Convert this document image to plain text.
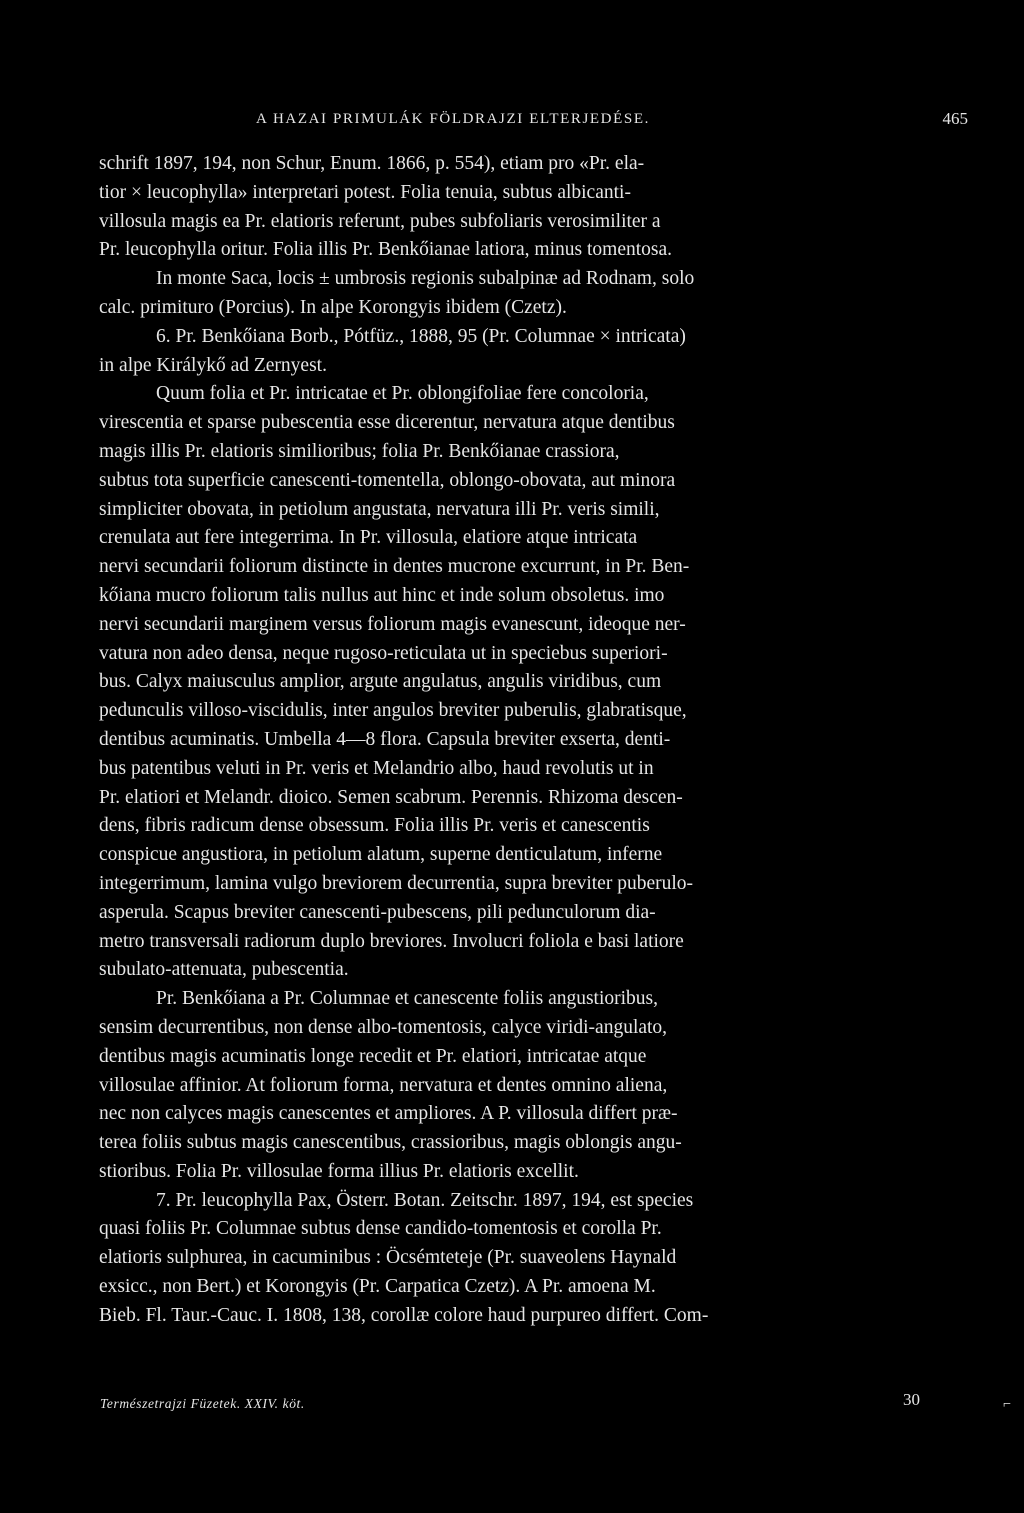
A HAZAI PRIMULÁK FÖLDRAJZI ELTERJEDÉSE.	465
schrift 1897, 194, non Schur, Enum. 1866, p. 554), etiam pro «Pr. ela-
tior × leucophylla» interpretari potest. Folia tenuia, subtus albicanti-
villosula magis ea Pr. elatioris referunt, pubes subfoliaris verosimiliter a
Pr. leucophylla oritur. Folia illis Pr. Benkőianae latiora, minus tomentosa.
In monte Saca, locis ± umbrosis regionis subalpinæ ad Rodnam, solo
calc. primituro (Porcius). In alpe Korongyis ibidem (Czetz).
6. Pr. Benkőiana Borb., Pótfüz., 1888, 95 (Pr. Columnae × intricata)
in alpe Királykő ad Zernyest.
Quum folia et Pr. intricatae et Pr. oblongifoliae fere concoloria,
virescentia et sparse pubescentia esse dicerentur, nervatura atque dentibus
magis illis Pr. elatioris similioribus; folia Pr. Benkőianae crassiora,
subtus tota superficie canescenti-tomentella, oblongo-obovata, aut minora
simpliciter obovata, in petiolum angustata, nervatura illi Pr. veris simili,
crenulata aut fere integerrima. In Pr. villosula, elatiore atque intricata
nervi secundarii foliorum distincte in dentes mucrone excurrunt, in Pr. Ben-
kőiana mucro foliorum talis nullus aut hinc et inde solum obsoletus. imo
nervi secundarii marginem versus foliorum magis evanescunt, ideoque ner-
vatura non adeo densa, neque rugoso-reticulata ut in speciebus superiori-
bus. Calyx maiusculus amplior, argute angulatus, angulis viridibus, cum
pedunculis villoso-viscidulis, inter angulos breviter puberulis, glabratisque,
dentibus acuminatis. Umbella 4—8 flora. Capsula breviter exserta, denti-
bus patentibus veluti in Pr. veris et Melandrio albo, haud revolutis ut in
Pr. elatiori et Melandr. dioico. Semen scabrum. Perennis. Rhizoma descen-
dens, fibris radicum dense obsessum. Folia illis Pr. veris et canescentis
conspicue angustiora, in petiolum alatum, superne denticulatum, inferne
integerrimum, lamina vulgo breviorem decurrentia, supra breviter puberulo-
asperula. Scapus breviter canescenti-pubescens, pili pedunculorum dia-
metro transversali radiorum duplo breviores. Involucri foliola e basi latiore
subulato-attenuata, pubescentia.
Pr. Benkőiana a Pr. Columnae et canescente foliis angustioribus,
sensim decurrentibus, non dense albo-tomentosis, calyce viridi-angulato,
dentibus magis acuminatis longe recedit et Pr. elatiori, intricatae atque
villosulae affinior. At foliorum forma, nervatura et dentes omnino aliena,
nec non calyces magis canescentes et ampliores. A P. villosula differt præ-
terea foliis subtus magis canescentibus, crassioribus, magis oblongis angu-
stioribus. Folia Pr. villosulae forma illius Pr. elatioris excellit.
7. Pr. leucophylla Pax, Österr. Botan. Zeitschr. 1897, 194, est species
quasi foliis Pr. Columnae subtus dense candido-tomentosis et corolla Pr.
elatioris sulphurea, in cacuminibus : Öcsémteteje (Pr. suaveolens Haynald
exsicc., non Bert.) et Korongyis (Pr. Carpatica Czetz). A Pr. amoena M.
Bieb. Fl. Taur.-Cauc. I. 1808, 138, corollæ colore haud purpureo differt. Com-
Természetrajzi Füzetek. XXIV. köt.	30	⌐
